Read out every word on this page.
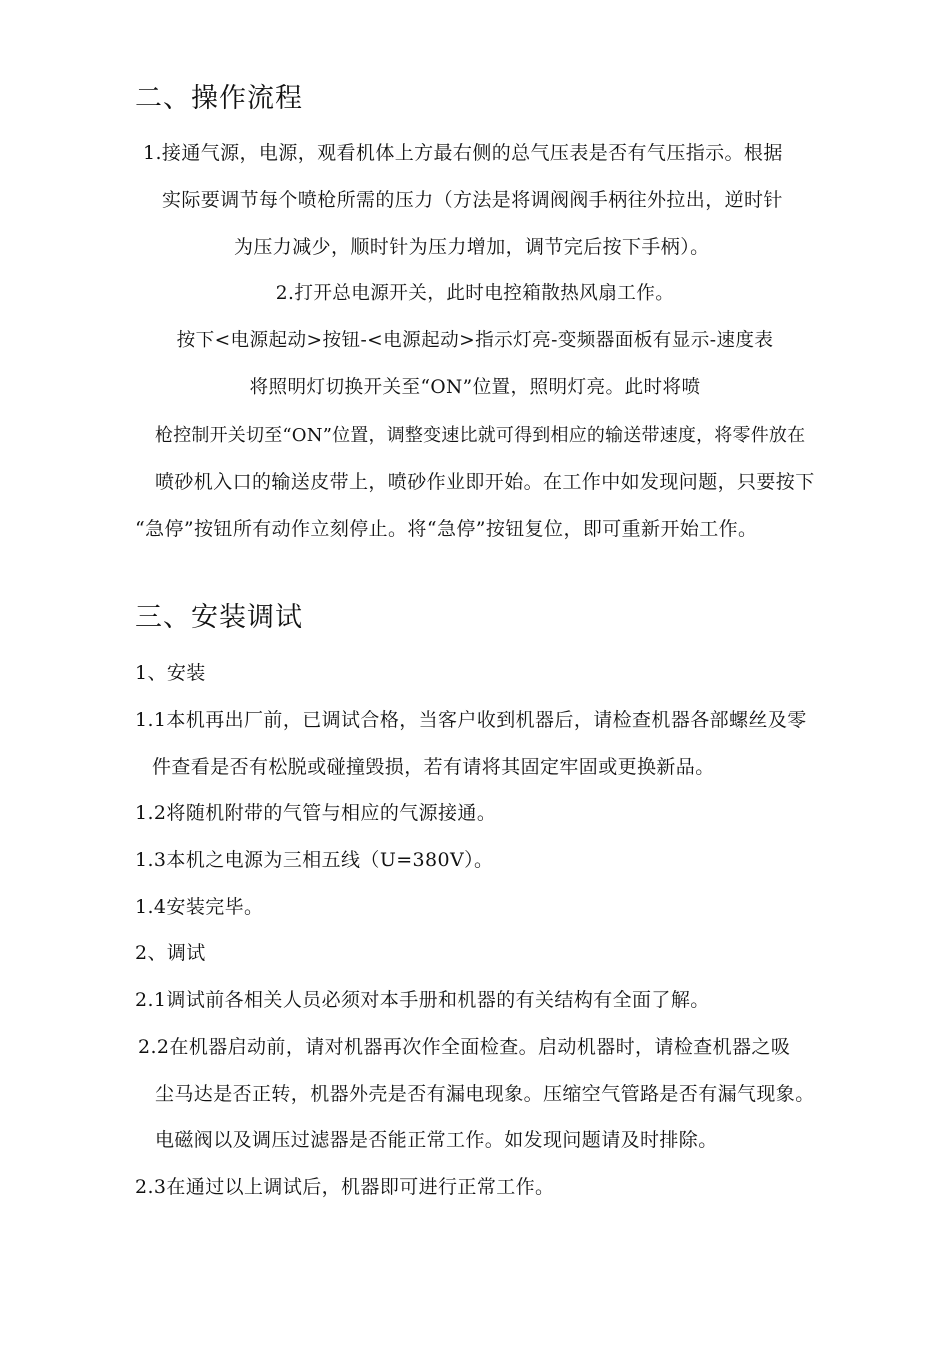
二、操作流程
1.接通气源，电源，观看机体上方最右侧的总气压表是否有气压指示。根据
实际要调节每个喷枪所需的压力（方法是将调阀阀手柄往外拉出，逆时针
为压力减少，顺时针为压力增加，调节完后按下手柄）。
2.打开总电源开关，此时电控箱散热风扇工作。
按下<电源起动>按钮-<电源起动>指示灯亮-变频器面板有显示-速度表
将照明灯切换开关至“ON”位置，照明灯亮。此时将喷
枪控制开关切至“ON”位置，调整变速比就可得到相应的输送带速度，将零件放在
喷砂机入口的输送皮带上，喷砂作业即开始。在工作中如发现问题，只要按下
“急停”按钮所有动作立刻停止。将“急停”按钮复位，即可重新开始工作。
三、安装调试
1、安装
1.1本机再出厂前，已调试合格，当客户收到机器后，请检查机器各部螺丝及零
件查看是否有松脱或碰撞毁损，若有请将其固定牢固或更换新品。
1.2将随机附带的气管与相应的气源接通。
1.3本机之电源为三相五线（U=380V）。
1.4安装完毕。
2、调试
2.1调试前各相关人员必须对本手册和机器的有关结构有全面了解。
2.2在机器启动前，请对机器再次作全面检查。启动机器时，请检查机器之吸
尘马达是否正转，机器外壳是否有漏电现象。压缩空气管路是否有漏气现象。
电磁阀以及调压过滤器是否能正常工作。如发现问题请及时排除。
2.3在通过以上调试后，机器即可进行正常工作。
